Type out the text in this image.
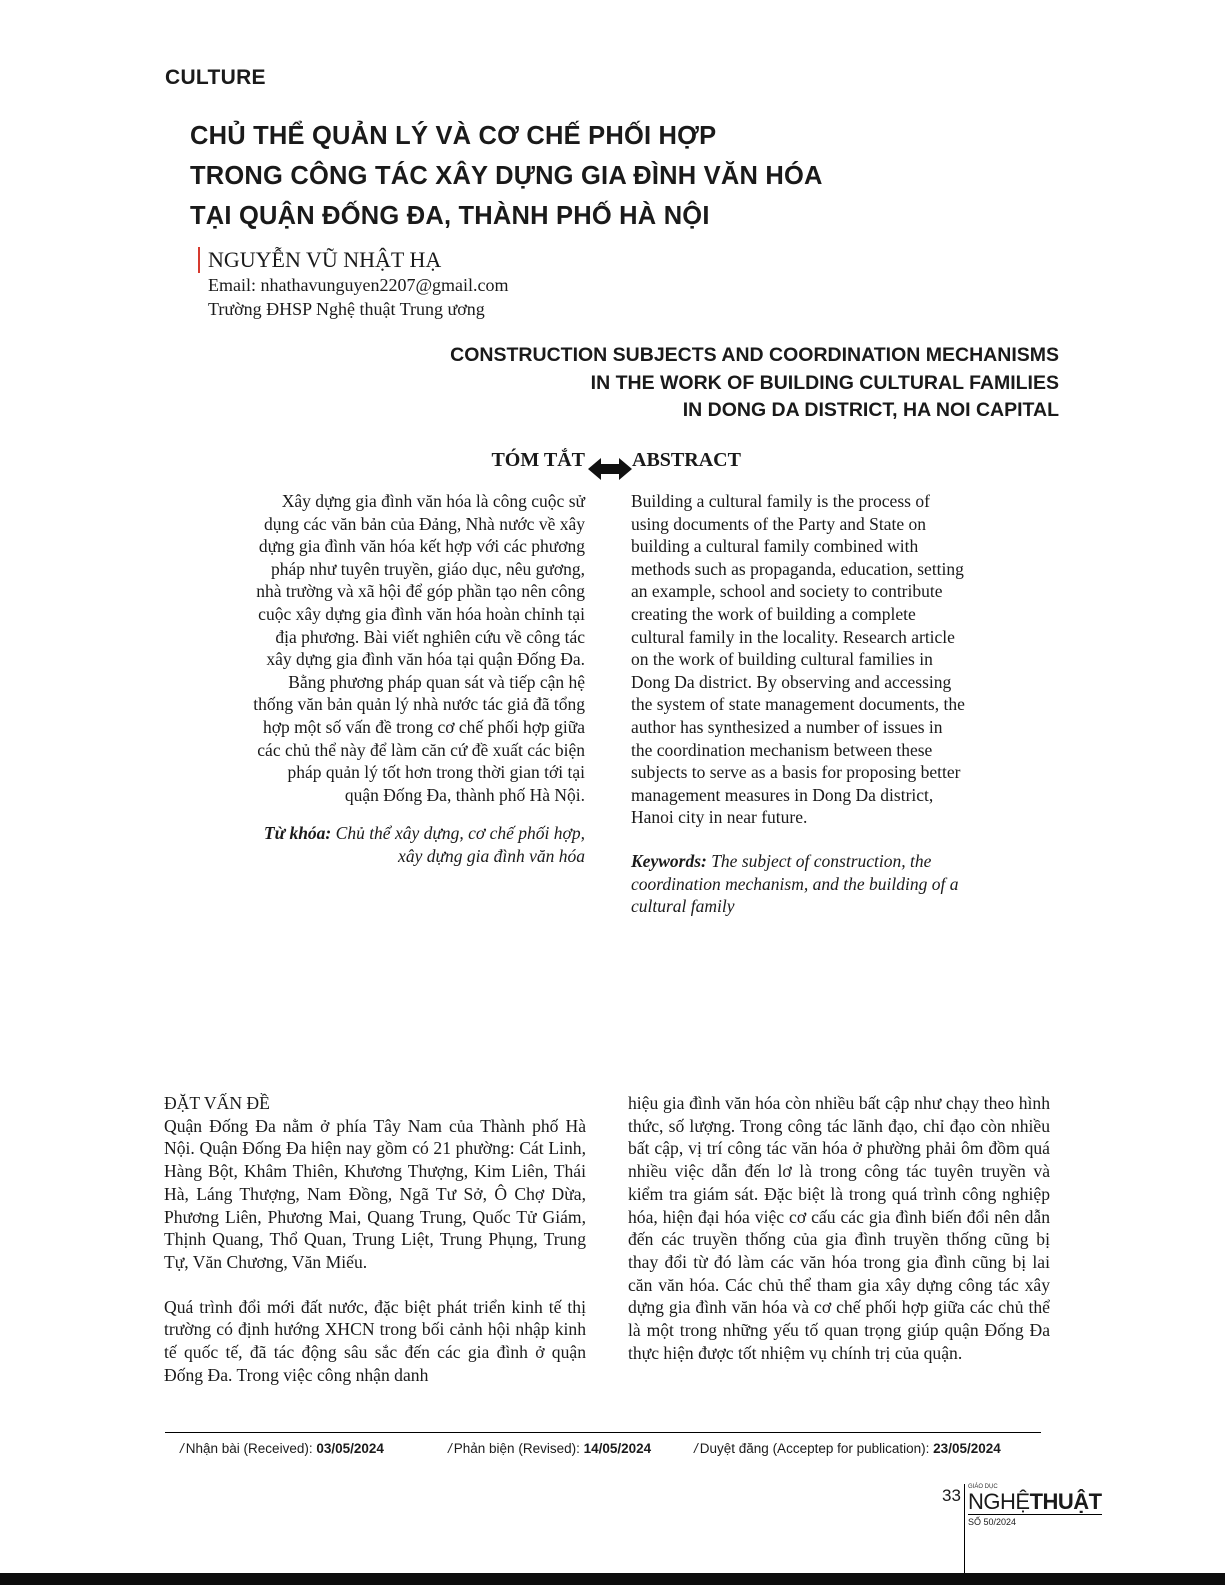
CULTURE
CHỦ THỂ QUẢN LÝ VÀ CƠ CHẾ PHỐI HỢP
TRONG CÔNG TÁC XÂY DỰNG GIA ĐÌNH VĂN HÓA
TẠI QUẬN ĐỐNG ĐA, THÀNH PHỐ HÀ NỘI
NGUYỄN VŨ NHẬT HẠ
Email: nhathavunguyen2207@gmail.com
Trường ĐHSP Nghệ thuật Trung ương
CONSTRUCTION SUBJECTS AND COORDINATION MECHANISMS
IN THE WORK OF BUILDING CULTURAL FAMILIES
IN DONG DA DISTRICT, HA NOI CAPITAL
TÓM TẮT ABSTRACT
Xây dựng gia đình văn hóa là công cuộc sử
dụng các văn bản của Đảng, Nhà nước về xây
dựng gia đình văn hóa kết hợp với các phương
pháp như tuyên truyền, giáo dục, nêu gương,
nhà trường và xã hội để góp phần tạo nên công
cuộc xây dựng gia đình văn hóa hoàn chỉnh tại
địa phương. Bài viết nghiên cứu về công tác
xây dựng gia đình văn hóa tại quận Đống Đa.
Bằng phương pháp quan sát và tiếp cận hệ
thống văn bản quản lý nhà nước tác giả đã tổng
hợp một số vấn đề trong cơ chế phối hợp giữa
các chủ thể này để làm căn cứ đề xuất các biện
pháp quản lý tốt hơn trong thời gian tới tại
quận Đống Đa, thành phố Hà Nội.
Từ khóa: Chủ thể xây dựng, cơ chế phối hợp,
xây dựng gia đình văn hóa
Building a cultural family is the process of
using documents of the Party and State on
building a cultural family combined with
methods such as propaganda, education, setting
an example, school and society to contribute
creating the work of building a complete
cultural family in the locality. Research article
on the work of building cultural families in
Dong Da district. By observing and accessing
the system of state management documents, the
author has synthesized a number of issues in
the coordination mechanism between these
subjects to serve as a basis for proposing better
management measures in Dong Da district,
Hanoi city in near future.
Keywords: The subject of construction, the
coordination mechanism, and the building of a
cultural family

ĐẶT VẤN ĐỀ

Quận Đống Đa nằm ở phía Tây Nam của Thành phố Hà Nội. Quận Đống Đa hiện nay gồm có 21 phường: Cát Linh, Hàng Bột, Khâm Thiên, Khương Thượng, Kim Liên, Thái Hà, Láng Thượng, Nam Đồng, Ngã Tư Sở, Ô Chợ Dừa, Phương Liên, Phương Mai, Quang Trung, Quốc Tử Giám, Thịnh Quang, Thổ Quan, Trung Liệt, Trung Phụng, Trung Tự, Văn Chương, Văn Miếu.

Quá trình đổi mới đất nước, đặc biệt phát triển kinh tế thị trường có định hướng XHCN trong bối cảnh hội nhập kinh tế quốc tế, đã tác động sâu sắc đến các gia đình ở quận Đống Đa. Trong việc công nhận danh

hiệu gia đình văn hóa còn nhiều bất cập như chạy theo hình thức, số lượng. Trong công tác lãnh đạo, chỉ đạo còn nhiều bất cập, vị trí công tác văn hóa ở phường phải ôm đồm quá nhiều việc dẫn đến lơ là trong công tác tuyên truyền và kiểm tra giám sát. Đặc biệt là trong quá trình công nghiệp hóa, hiện đại hóa việc cơ cấu các gia đình biến đổi nên dẫn đến các truyền thống của gia đình truyền thống cũng bị thay đổi từ đó làm các văn hóa trong gia đình cũng bị lai căn văn hóa. Các chủ thể tham gia xây dựng công tác xây dựng gia đình văn hóa và cơ chế phối hợp giữa các chủ thể là một trong những yếu tố quan trọng giúp quận Đống Đa thực hiện được tốt nhiệm vụ chính trị của quận.

/ Nhận bài (Received): 03/05/2024	/ Phản biện (Revised): 14/05/2024	/ Duyệt đăng (Acceptep for publication): 23/05/2024
33 GIÁO DỤC
NGHỆTHUẬT
SỐ 50/2024
